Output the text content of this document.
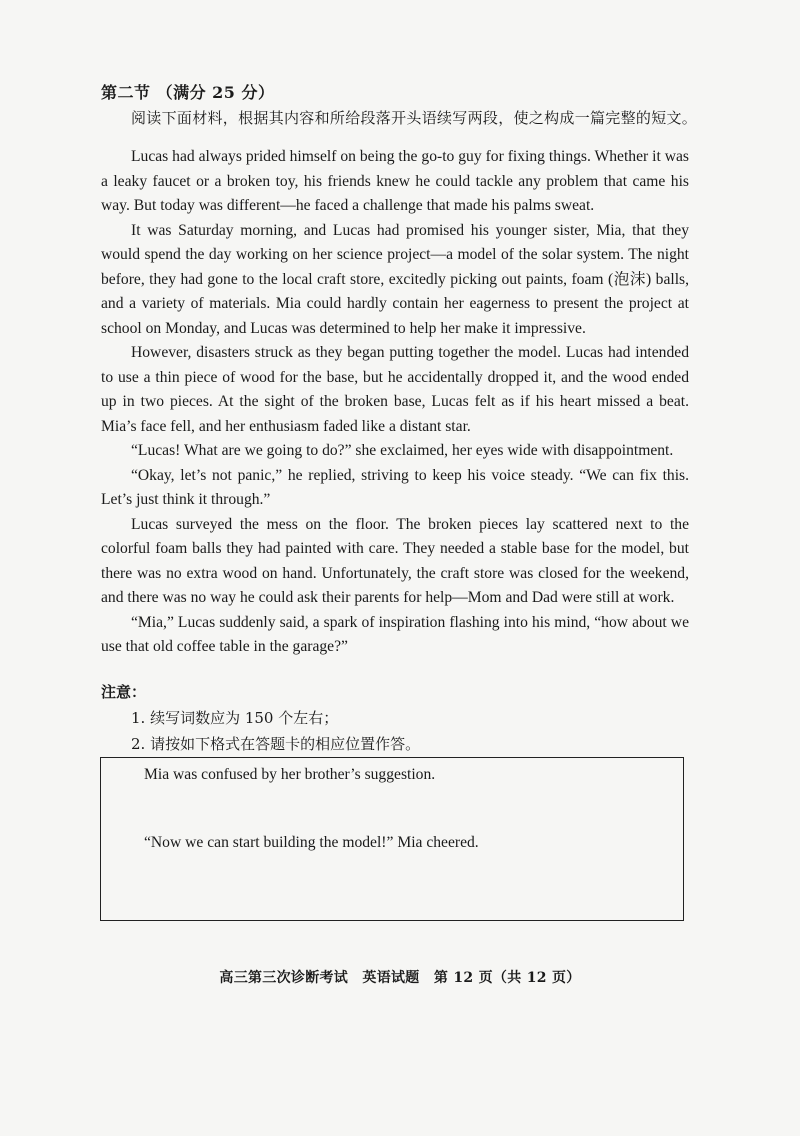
第二节 （满分 25 分）
阅读下面材料，根据其内容和所给段落开头语续写两段，使之构成一篇完整的短文。

Lucas had always prided himself on being the go-to guy for fixing things. Whether it was a leaky faucet or a broken toy, his friends knew he could tackle any problem that came his way. But today was different—he faced a challenge that made his palms sweat.

It was Saturday morning, and Lucas had promised his younger sister, Mia, that they would spend the day working on her science project—a model of the solar system. The night before, they had gone to the local craft store, excitedly picking out paints, foam (泡沫) balls, and a variety of materials. Mia could hardly contain her eagerness to present the project at school on Monday, and Lucas was determined to help her make it impressive.

However, disasters struck as they began putting together the model. Lucas had intended to use a thin piece of wood for the base, but he accidentally dropped it, and the wood ended up in two pieces. At the sight of the broken base, Lucas felt as if his heart missed a beat. Mia’s face fell, and her enthusiasm faded like a distant star.

“Lucas! What are we going to do?” she exclaimed, her eyes wide with disappointment.

“Okay, let’s not panic,” he replied, striving to keep his voice steady. “We can fix this. Let’s just think it through.”

Lucas surveyed the mess on the floor. The broken pieces lay scattered next to the colorful foam balls they had painted with care. They needed a stable base for the model, but there was no extra wood on hand. Unfortunately, the craft store was closed for the weekend, and there was no way he could ask their parents for help—Mom and Dad were still at work.

“Mia,” Lucas suddenly said, a spark of inspiration flashing into his mind, “how about we use that old coffee table in the garage?”

注意：
1. 续写词数应为 150 个左右；
2. 请按如下格式在答题卡的相应位置作答。
Mia was confused by her brother’s suggestion.
“Now we can start building the model!” Mia cheered.
高三第三次诊断考试　英语试题　第 12 页（共 12 页）
